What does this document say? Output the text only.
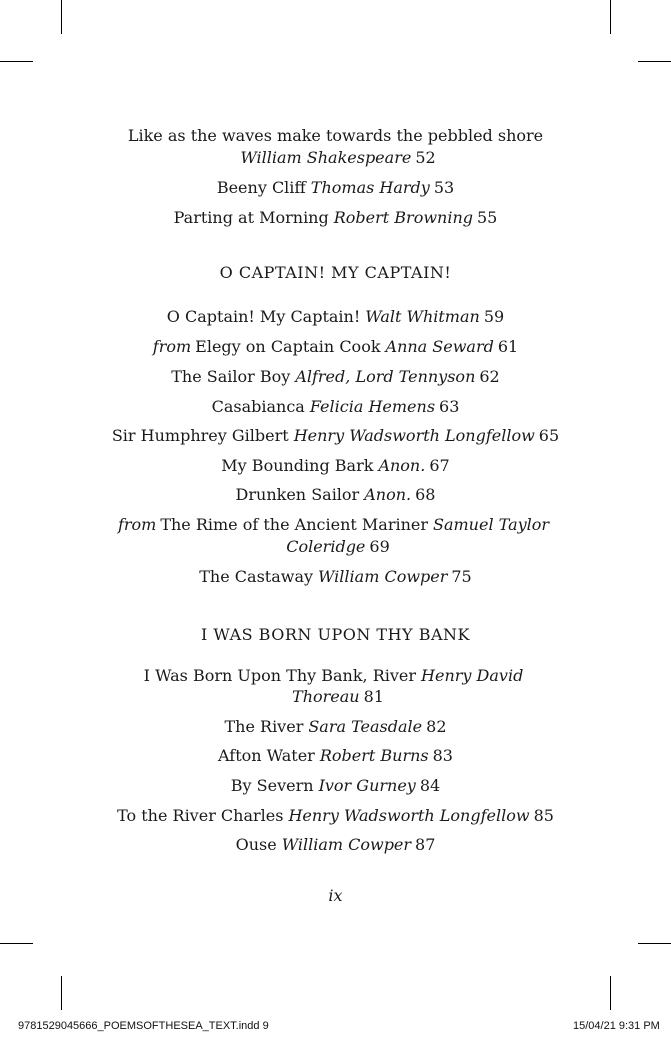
Like as the waves make towards the pebbled shore
William Shakespeare 52
Beeny Cliff Thomas Hardy 53
Parting at Morning Robert Browning 55
O CAPTAIN! MY CAPTAIN!
O Captain! My Captain! Walt Whitman 59
from Elegy on Captain Cook Anna Seward 61
The Sailor Boy Alfred, Lord Tennyson 62
Casabianca Felicia Hemens 63
Sir Humphrey Gilbert Henry Wadsworth Longfellow 65
My Bounding Bark Anon. 67
Drunken Sailor Anon. 68
from The Rime of the Ancient Mariner Samuel Taylor
Coleridge 69
The Castaway William Cowper 75
I WAS BORN UPON THY BANK
I Was Born Upon Thy Bank, River Henry David
Thoreau 81
The River Sara Teasdale 82
Afton Water Robert Burns 83
By Severn Ivor Gurney 84
To the River Charles Henry Wadsworth Longfellow 85
Ouse William Cowper 87
ix
9781529045666_POEMSOFTHESEA_TEXT.indd 9	15/04/21 9:31 PM
